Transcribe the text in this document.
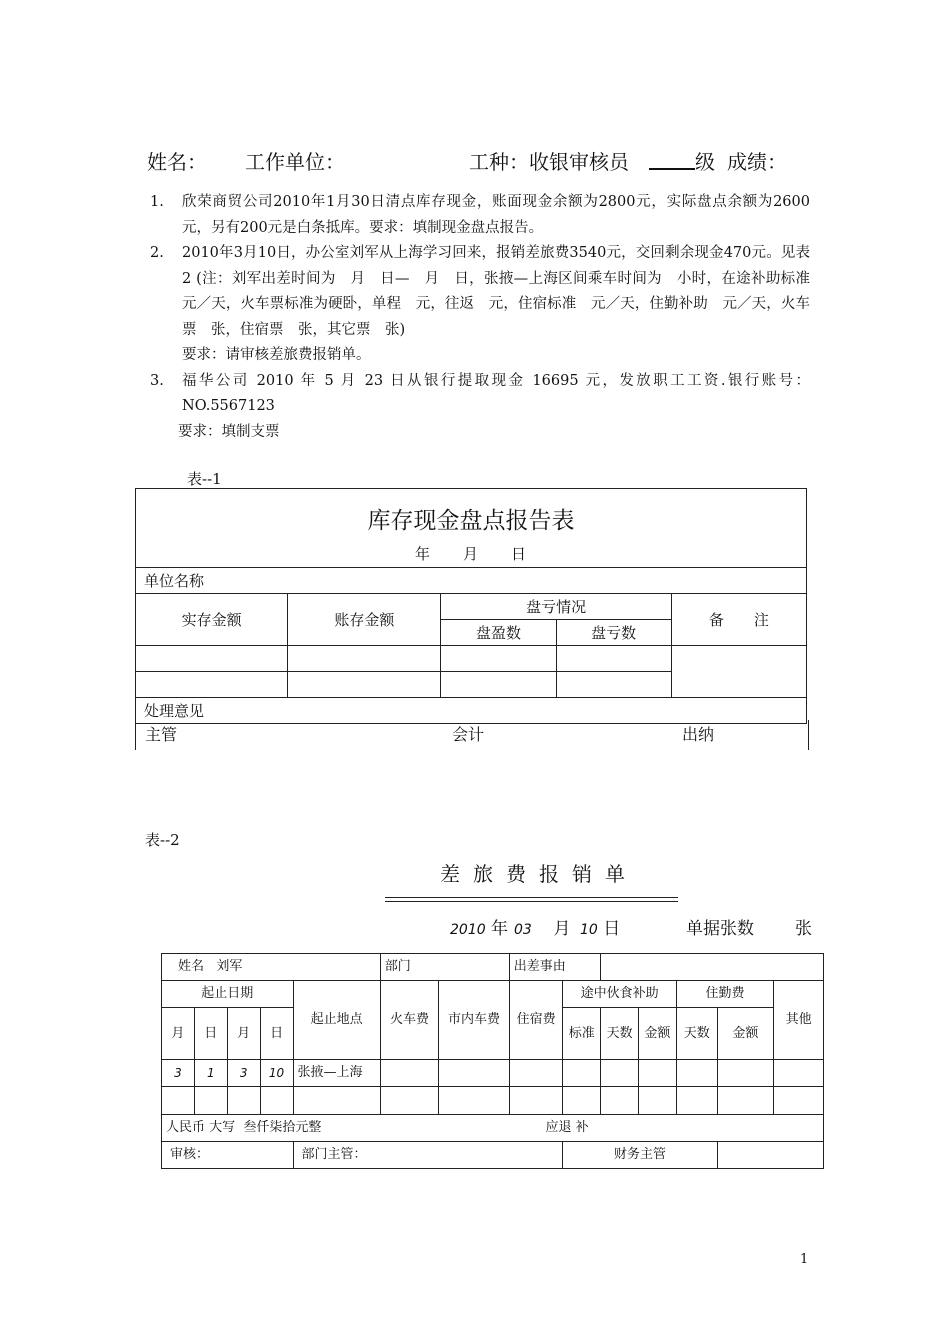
姓名： 工作单位：	工种：收银审核员	级 成绩：
1. 欣荣商贸公司2010年1月30日清点库存现金，账面现金余额为2800元，实际盘点余额为2600元，另有200元是白条抵库。要求：填制现金盘点报告。
2. 2010年3月10日，办公室刘军从上海学习回来，报销差旅费3540元，交回剩余现金470元。见表2 (注：刘军出差时间为　月　日—　月　日，张掖—上海区间乘车时间为　小时，在途补助标准　元／天，火车票标准为硬卧，单程　元，往返　元，住宿标准　元／天，住勤补助　元／天，火车票　张，住宿票　张，其它票　张)
要求：请审核差旅费报销单。
3. 福华公司 2010 年 5 月 23 日从银行提取现金 16695 元，发放职工工资.银行账号：NO.5567123
要求：填制支票
表--1
库存现金盘点报告表				
年　　月　　日				
单位名称				
实存金额	账存金额	盘亏情况		备　　注
		盘盈数	盘亏数	

处理意见				
主管	会计	出纳
表--2
差旅费报销单
2010 年 03 月 10 日	单据张数 张
姓名 刘军					部门		出差事由						
起止日期				起止地点	火车费	市内车费	住宿费	途中伙食补助			住勤费		其他
月	日	月	日					标准	天数	金额	天数	金额	
3	1	3	10	张掖—上海									

人民币 大写 叁仟柒拾元整 应退 补													

审核：				部门主管：				财务主管					
1
